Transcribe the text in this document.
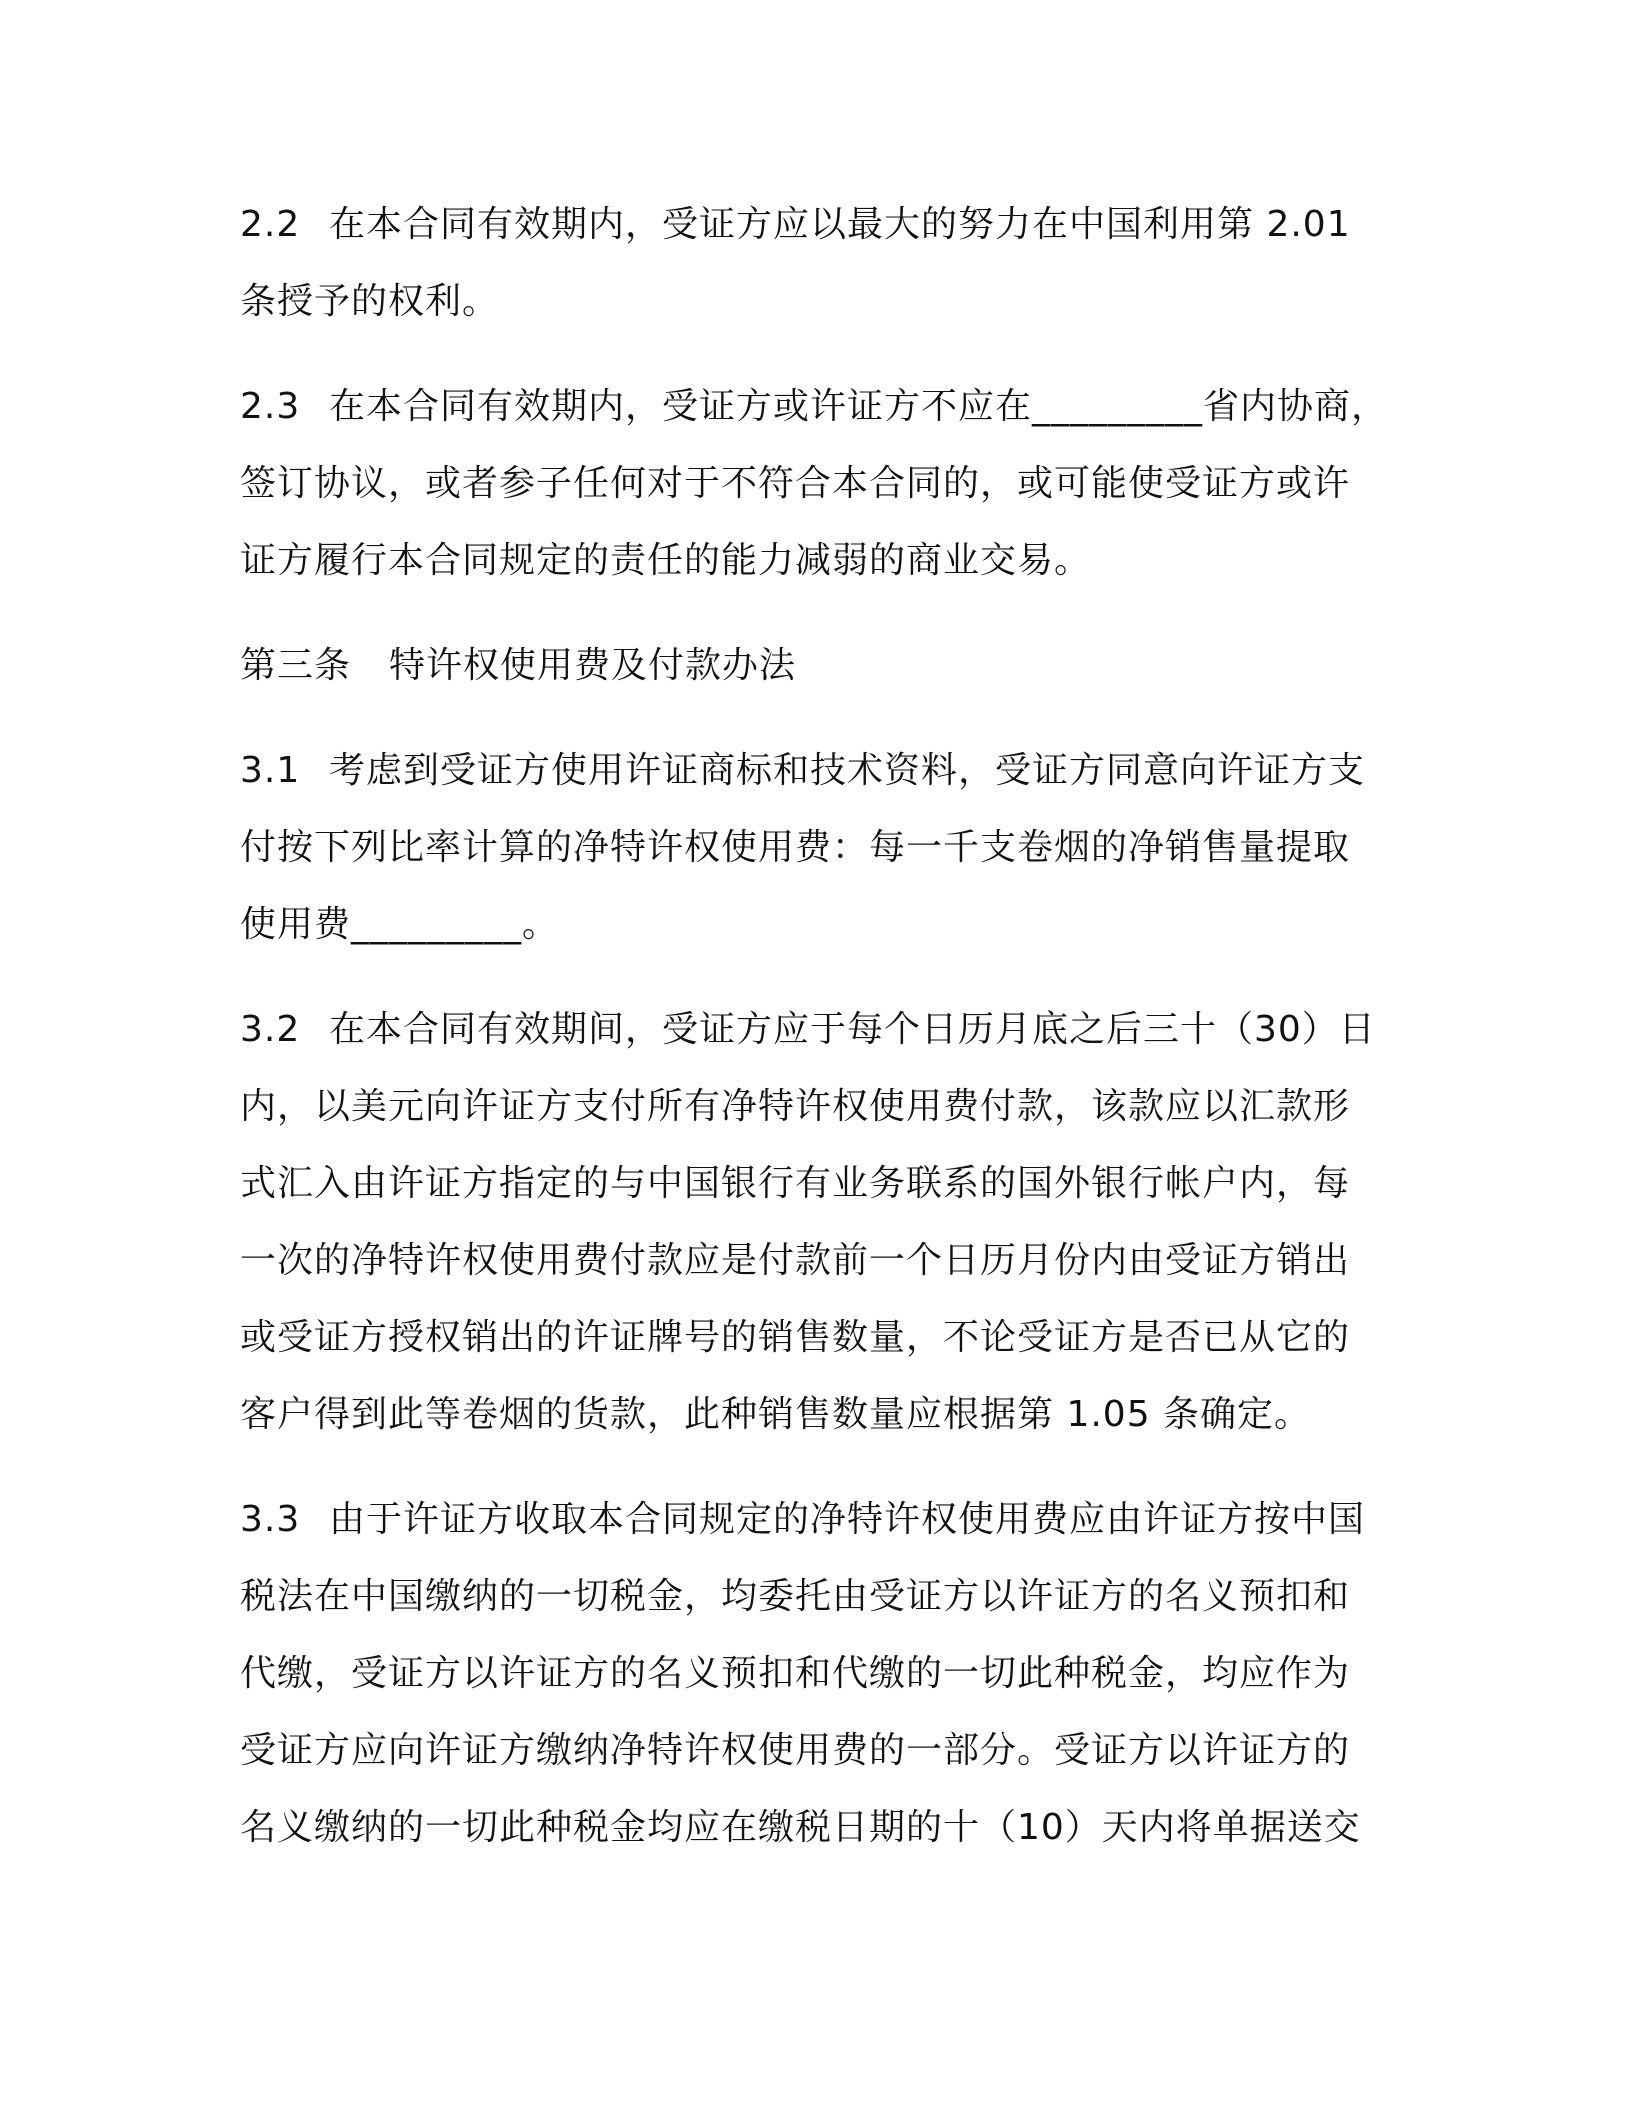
2.2 在本合同有效期内，受证方应以最大的努力在中国利用第 2.01
条授予的权利。
2.3 在本合同有效期内，受证方或许证方不应在_________省内协商，
签订协议，或者参子任何对于不符合本合同的，或可能使受证方或许
证方履行本合同规定的责任的能力减弱的商业交易。
第三条 特许权使用费及付款办法
3.1 考虑到受证方使用许证商标和技术资料，受证方同意向许证方支
付按下列比率计算的净特许权使用费：每一千支卷烟的净销售量提取
使用费_________。
3.2 在本合同有效期间，受证方应于每个日历月底之后三十（30）日
内，以美元向许证方支付所有净特许权使用费付款，该款应以汇款形
式汇入由许证方指定的与中国银行有业务联系的国外银行帐户内，每
一次的净特许权使用费付款应是付款前一个日历月份内由受证方销出
或受证方授权销出的许证牌号的销售数量，不论受证方是否已从它的
客户得到此等卷烟的货款，此种销售数量应根据第 1.05 条确定。
3.3 由于许证方收取本合同规定的净特许权使用费应由许证方按中国
税法在中国缴纳的一切税金，均委托由受证方以许证方的名义预扣和
代缴，受证方以许证方的名义预扣和代缴的一切此种税金，均应作为
受证方应向许证方缴纳净特许权使用费的一部分。受证方以许证方的
名义缴纳的一切此种税金均应在缴税日期的十（10）天内将单据送交
